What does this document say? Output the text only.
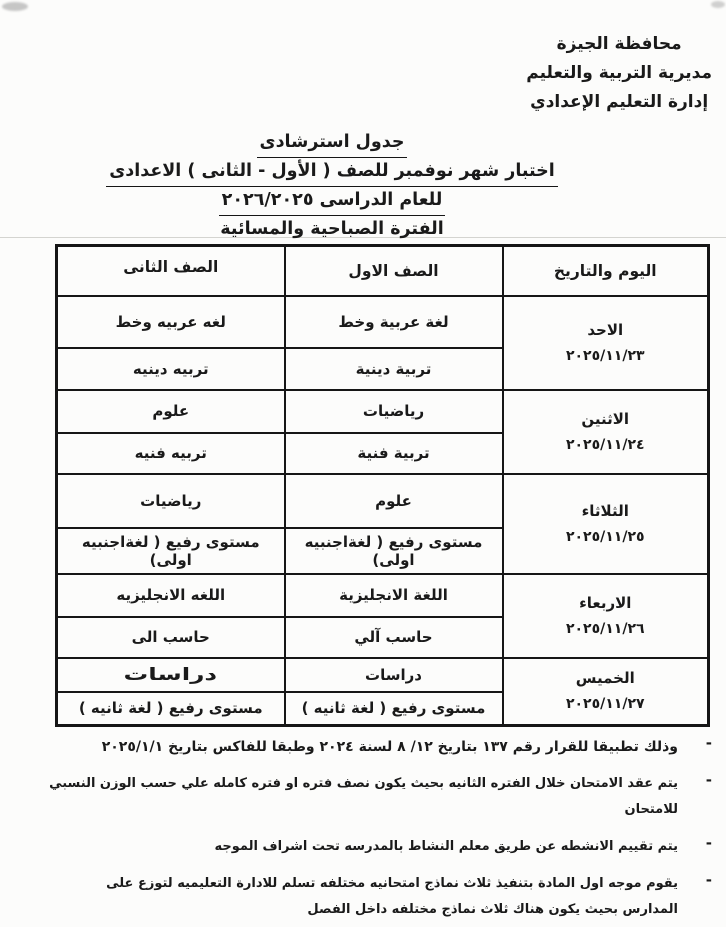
محافظة الجيزة
مديرية التربية والتعليم
إدارة التعليم الإعدادي
جدول استرشادى
اختبار شهر نوفمبر للصف ( الأول - الثانى ) الاعدادى
للعام الدراسى ٢٠٢٦/٢٠٢٥
الفترة الصباحية والمسائية
اليوم والتاريخ	الصف الاول	الصف الثانى

الاحد
٢٠٢٥/١١/٢٣	لغة عربية وخط	لغه عربيه وخط
	تربية دينية	تربيه دينيه

الاثنين
٢٠٢٥/١١/٢٤	رياضيات	علوم
	تربية فنية	تربيه فنيه

الثلاثاء
٢٠٢٥/١١/٢٥	علوم	رياضيات
	مستوى رفيع ( لغةاجنبيه اولى)	مستوى رفيع ( لغةاجنبيه اولى)

الاربعاء
٢٠٢٥/١١/٢٦	اللغة الانجليزية	اللغه الانجليزيه
	حاسب آلي	حاسب الى

الخميس
٢٠٢٥/١١/٢٧	دراسات	دراسات
	مستوى رفيع ( لغة ثانيه )	مستوى رفيع ( لغة ثانيه )
-

وذلك تطبيقا للقرار رقم ١٣٧ بتاريخ ١٢/ ٨ لسنة ٢٠٢٤ وطبقا للفاكس بتاريخ ٢٠٢٥/١/١

-

يتم عقد الامتحان خلال الفتره الثانيه بحيث يكون نصف فتره او فتره كامله علي حسب الوزن النسبي للامتحان

-

يتم تقييم الانشطه عن طريق معلم النشاط بالمدرسه تحت اشراف الموجه

-

يقوم موجه اول المادة بتنفيذ ثلاث نماذج امتحانيه مختلفه تسلم للادارة التعليميه لتوزع على المدارس بحيث يكون هناك ثلاث نماذج مختلفه داخل الفصل
